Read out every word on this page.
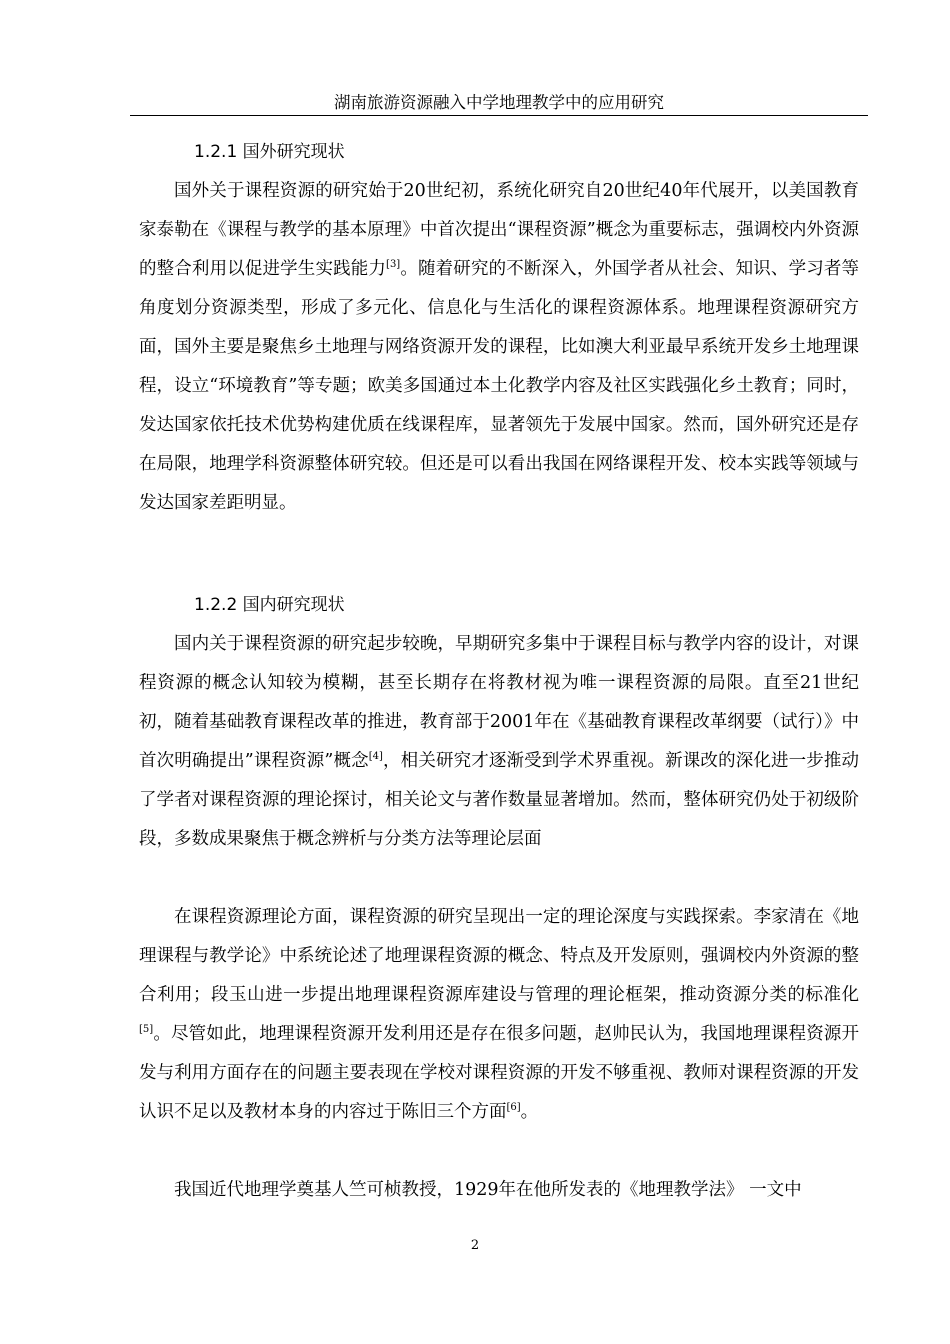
湖南旅游资源融入中学地理教学中的应用研究
1.2.1 国外研究现状

国外关于课程资源的研究始于20世纪初，系统化研究自20世纪40年代展开，以美国教育家泰勒在《课程与教学的基本原理》中首次提出“课程资源”概念为重要标志，强调校内外资源的整合利用以促进学生实践能力[3]。随着研究的不断深入，外国学者从社会、知识、学习者等角度划分资源类型，形成了多元化、信息化与生活化的课程资源体系。地理课程资源研究方面，国外主要是聚焦乡土地理与网络资源开发的课程，比如澳大利亚最早系统开发乡土地理课程，设立“环境教育”等专题；欧美多国通过本土化教学内容及社区实践强化乡土教育；同时，发达国家依托技术优势构建优质在线课程库，显著领先于发展中国家。然而，国外研究还是存在局限，地理学科资源整体研究较。但还是可以看出我国在网络课程开发、校本实践等领域与发达国家差距明显。

1.2.2 国内研究现状

国内关于课程资源的研究起步较晚，早期研究多集中于课程目标与教学内容的设计，对课程资源的概念认知较为模糊，甚至长期存在将教材视为唯一课程资源的局限。直至21世纪初，随着基础教育课程改革的推进，教育部于2001年在《基础教育课程改革纲要（试行）》中首次明确提出”课程资源”概念[4]，相关研究才逐渐受到学术界重视。新课改的深化进一步推动了学者对课程资源的理论探讨，相关论文与著作数量显著增加。然而，整体研究仍处于初级阶段，多数成果聚焦于概念辨析与分类方法等理论层面

在课程资源理论方面，课程资源的研究呈现出一定的理论深度与实践探索。李家清在《地理课程与教学论》中系统论述了地理课程资源的概念、特点及开发原则，强调校内外资源的整合利用；段玉山进一步提出地理课程资源库建设与管理的理论框架，推动资源分类的标准化[5]。尽管如此，地理课程资源开发利用还是存在很多问题，赵帅民认为，我国地理课程资源开发与利用方面存在的问题主要表现在学校对课程资源的开发不够重视、教师对课程资源的开发认识不足以及教材本身的内容过于陈旧三个方面[6]。

我国近代地理学奠基人竺可桢教授，1929年在他所发表的《地理教学法》 一文中

2
